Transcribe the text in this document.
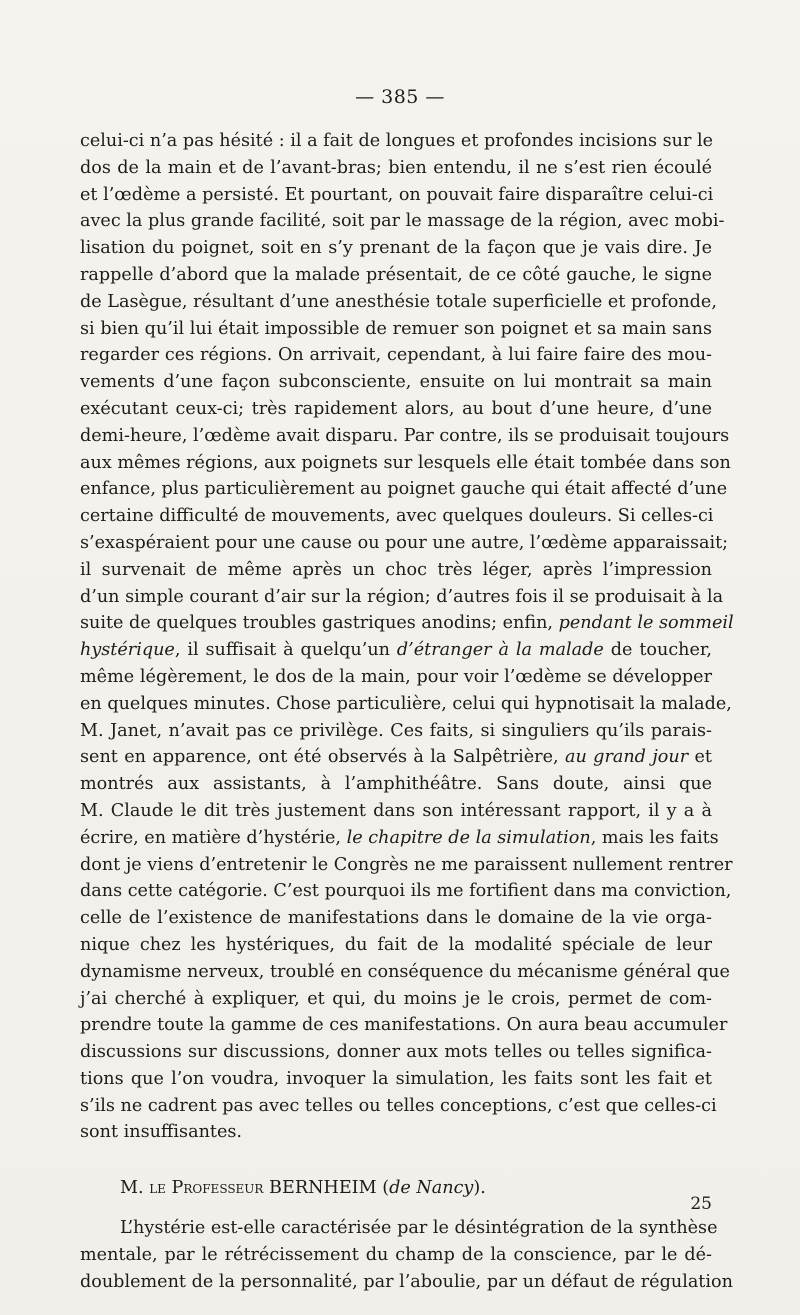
— 385 —
celui-ci n’a pas hésité : il a fait de longues et profondes incisions sur le
dos de la main et de l’avant-bras; bien entendu, il ne s’est rien écoulé
et l’œdème a persisté. Et pourtant, on pouvait faire disparaître celui-ci
avec la plus grande facilité, soit par le massage de la région, avec mobi-
lisation du poignet, soit en s’y prenant de la façon que je vais dire. Je
rappelle d’abord que la malade présentait, de ce côté gauche, le signe
de Lasègue, résultant d’une anesthésie totale superficielle et profonde,
si bien qu’il lui était impossible de remuer son poignet et sa main sans
regarder ces régions. On arrivait, cependant, à lui faire faire des mou-
vements d’une façon subconsciente, ensuite on lui montrait sa main
exécutant ceux-ci; très rapidement alors, au bout d’une heure, d’une
demi-heure, l’œdème avait disparu. Par contre, ils se produisait toujours
aux mêmes régions, aux poignets sur lesquels elle était tombée dans son
enfance, plus particulièrement au poignet gauche qui était affecté d’une
certaine difficulté de mouvements, avec quelques douleurs. Si celles-ci
s’exaspéraient pour une cause ou pour une autre, l’œdème apparaissait;
il survenait de même après un choc très léger, après l’impression
d’un simple courant d’air sur la région; d’autres fois il se produisait à la
suite de quelques troubles gastriques anodins; enfin, pendant le sommeil
hystérique, il suffisait à quelqu’un d’étranger à la malade de toucher,
même légèrement, le dos de la main, pour voir l’œdème se développer
en quelques minutes. Chose particulière, celui qui hypnotisait la malade,
M. Janet, n’avait pas ce privilège. Ces faits, si singuliers qu’ils parais-
sent en apparence, ont été observés à la Salpêtrière, au grand jour et
montrés aux assistants, à l’amphithéâtre. Sans doute, ainsi que
M. Claude le dit très justement dans son intéressant rapport, il y a à
écrire, en matière d’hystérie, le chapitre de la simulation, mais les faits
dont je viens d’entretenir le Congrès ne me paraissent nullement rentrer
dans cette catégorie. C’est pourquoi ils me fortifient dans ma conviction,
celle de l’existence de manifestations dans le domaine de la vie orga-
nique chez les hystériques, du fait de la modalité spéciale de leur
dynamisme nerveux, troublé en conséquence du mécanisme général que
j’ai cherché à expliquer, et qui, du moins je le crois, permet de com-
prendre toute la gamme de ces manifestations. On aura beau accumuler
discussions sur discussions, donner aux mots telles ou telles significa-
tions que l’on voudra, invoquer la simulation, les faits sont les fait et
s’ils ne cadrent pas avec telles ou telles conceptions, c’est que celles-ci
sont insuffisantes.
M. le Professeur BERNHEIM (de Nancy).
L’hystérie est-elle caractérisée par le désintégration de la synthèse
mentale, par le rétrécissement du champ de la conscience, par le dé-
doublement de la personnalité, par l’aboulie, par un défaut de régulation
25
